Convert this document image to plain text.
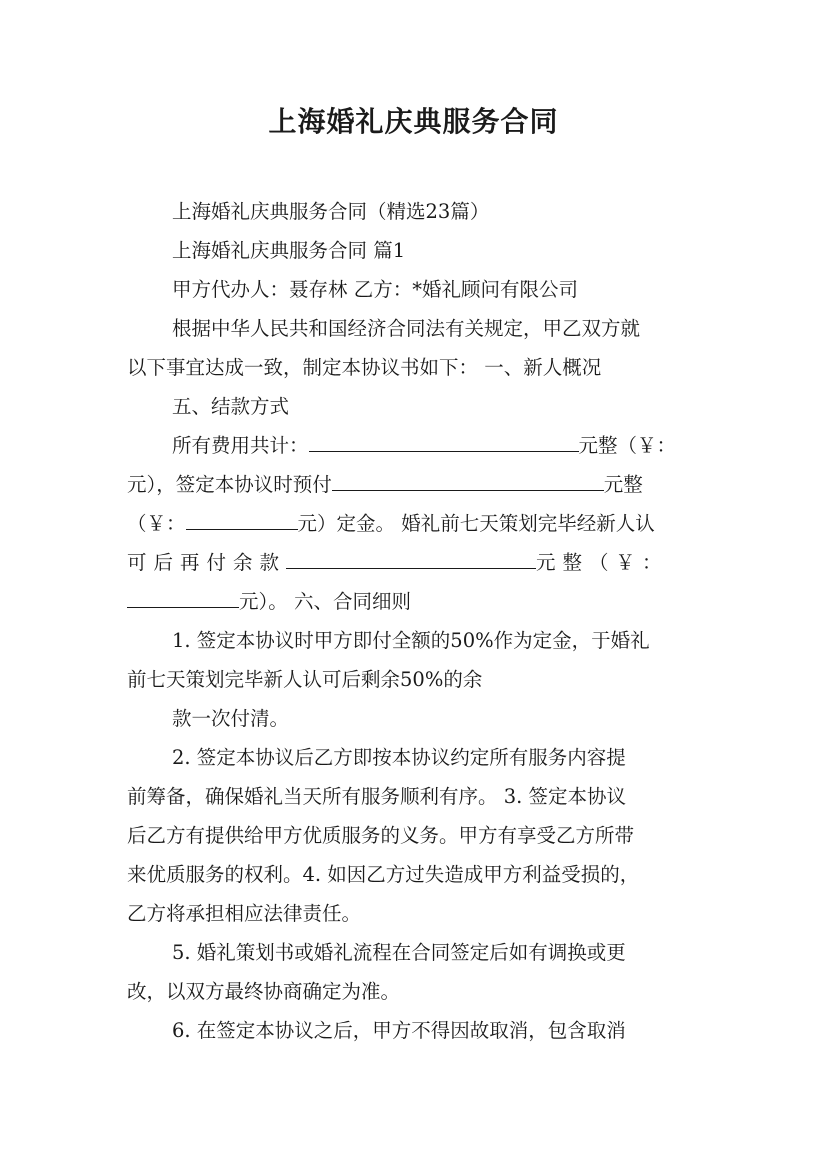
上海婚礼庆典服务合同
上海婚礼庆典服务合同（精选23篇）
上海婚礼庆典服务合同 篇1
甲方代办人：聂存林 乙方：*婚礼顾问有限公司
根据中华人民共和国经济合同法有关规定，甲乙双方就
以下事宜达成一致，制定本协议书如下： 一、新人概况
五、结款方式
所有费用共计：	元整（￥：
元），签定本协议时预付	元整
（￥：	元）定金。 婚礼前七天策划完毕经新人认
可后再付余款	元整（￥：
元）。 六、合同细则
1. 签定本协议时甲方即付全额的50%作为定金，于婚礼
前七天策划完毕新人认可后剩余50%的余
款一次付清。
2. 签定本协议后乙方即按本协议约定所有服务内容提
前筹备，确保婚礼当天所有服务顺利有序。 3. 签定本协议
后乙方有提供给甲方优质服务的义务。甲方有享受乙方所带
来优质服务的权利。4. 如因乙方过失造成甲方利益受损的，
乙方将承担相应法律责任。
5. 婚礼策划书或婚礼流程在合同签定后如有调换或更
改，以双方最终协商确定为准。
6. 在签定本协议之后，甲方不得因故取消，包含取消
